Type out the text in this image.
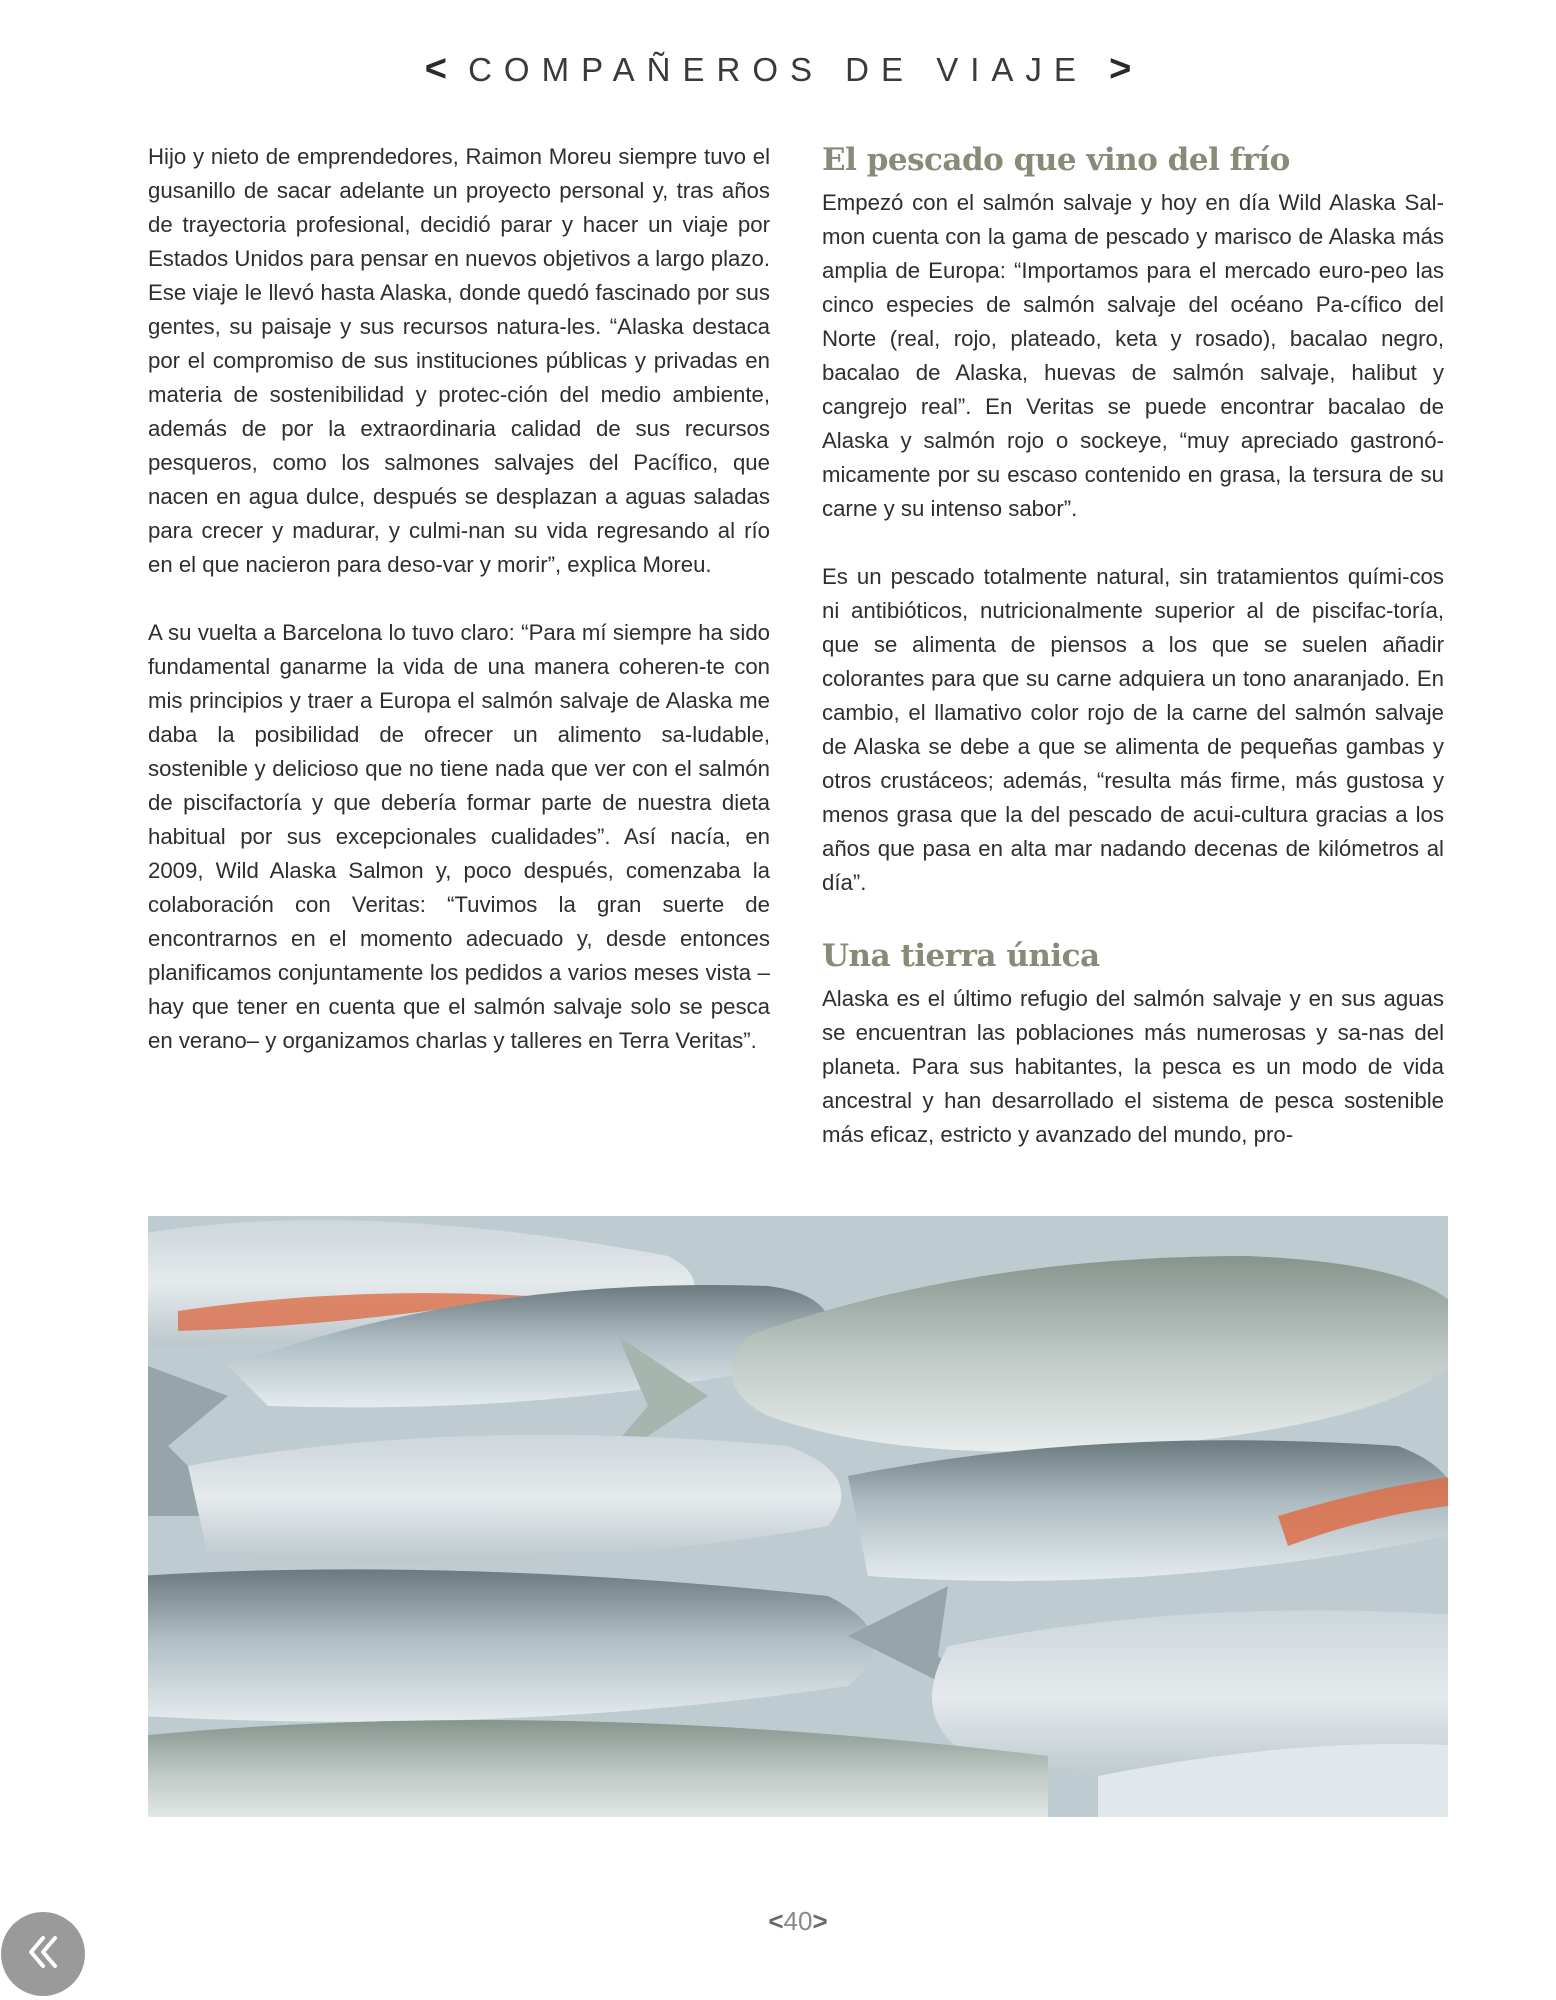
< COMPAÑEROS DE VIAJE >

Hijo y nieto de emprendedores, Raimon Moreu siempre tuvo el gusanillo de sacar adelante un proyecto personal y, tras años de trayectoria profesional, decidió parar y hacer un viaje por Estados Unidos para pensar en nuevos objetivos a largo plazo. Ese viaje le llevó hasta Alaska, donde quedó fascinado por sus gentes, su paisaje y sus recursos natura-les. “Alaska destaca por el compromiso de sus instituciones públicas y privadas en materia de sostenibilidad y protec-ción del medio ambiente, además de por la extraordinaria calidad de sus recursos pesqueros, como los salmones salvajes del Pacífico, que nacen en agua dulce, después se desplazan a aguas saladas para crecer y madurar, y culmi-nan su vida regresando al río en el que nacieron para deso-var y morir”, explica Moreu.

A su vuelta a Barcelona lo tuvo claro: “Para mí siempre ha sido fundamental ganarme la vida de una manera coheren-te con mis principios y traer a Europa el salmón salvaje de Alaska me daba la posibilidad de ofrecer un alimento sa-ludable, sostenible y delicioso que no tiene nada que ver con el salmón de piscifactoría y que debería formar parte de nuestra dieta habitual por sus excepcionales cualidades”. Así nacía, en 2009, Wild Alaska Salmon y, poco después, comenzaba la colaboración con Veritas: “Tuvimos la gran suerte de encontrarnos en el momento adecuado y, desde entonces planificamos conjuntamente los pedidos a varios meses vista –hay que tener en cuenta que el salmón salvaje solo se pesca en verano– y organizamos charlas y talleres en Terra Veritas”.

El pescado que vino del frío

Empezó con el salmón salvaje y hoy en día Wild Alaska Sal-mon cuenta con la gama de pescado y marisco de Alaska más amplia de Europa: “Importamos para el mercado euro-peo las cinco especies de salmón salvaje del océano Pa-cífico del Norte (real, rojo, plateado, keta y rosado), bacalao negro, bacalao de Alaska, huevas de salmón salvaje, halibut y cangrejo real”. En Veritas se puede encontrar bacalao de Alaska y salmón rojo o sockeye, “muy apreciado gastronó-micamente por su escaso contenido en grasa, la tersura de su carne y su intenso sabor”.

Es un pescado totalmente natural, sin tratamientos quími-cos ni antibióticos, nutricionalmente superior al de piscifac-toría, que se alimenta de piensos a los que se suelen añadir colorantes para que su carne adquiera un tono anaranjado. En cambio, el llamativo color rojo de la carne del salmón salvaje de Alaska se debe a que se alimenta de pequeñas gambas y otros crustáceos; además, “resulta más firme, más gustosa y menos grasa que la del pescado de acui-cultura gracias a los años que pasa en alta mar nadando decenas de kilómetros al día”.

Una tierra única

Alaska es el último refugio del salmón salvaje y en sus aguas se encuentran las poblaciones más numerosas y sa-nas del planeta. Para sus habitantes, la pesca es un modo de vida ancestral y han desarrollado el sistema de pesca sostenible más eficaz, estricto y avanzado del mundo, pro-

<40>
